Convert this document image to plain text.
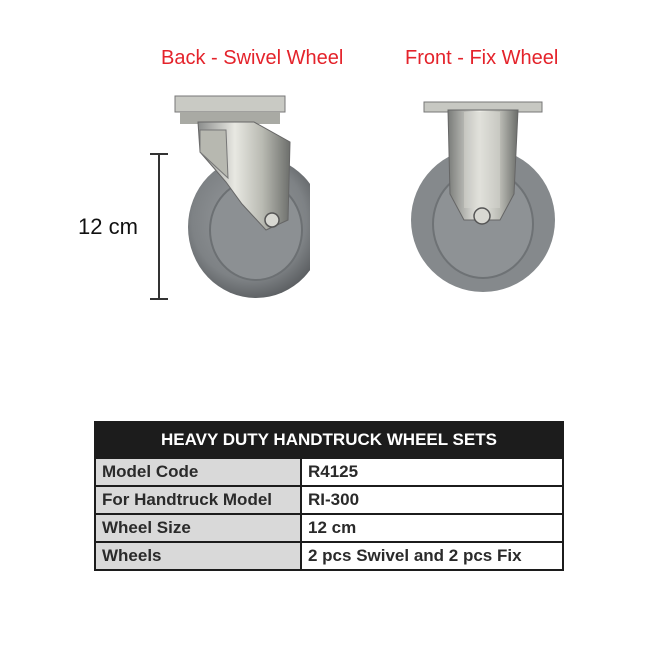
Back - Swivel Wheel	Front - Fix Wheel
12 cm
HEAVY DUTY HANDTRUCK WHEEL SETS	
Model Code	R4125
For Handtruck Model	RI-300
Wheel Size	12 cm
Wheels	2 pcs Swivel and 2 pcs Fix
